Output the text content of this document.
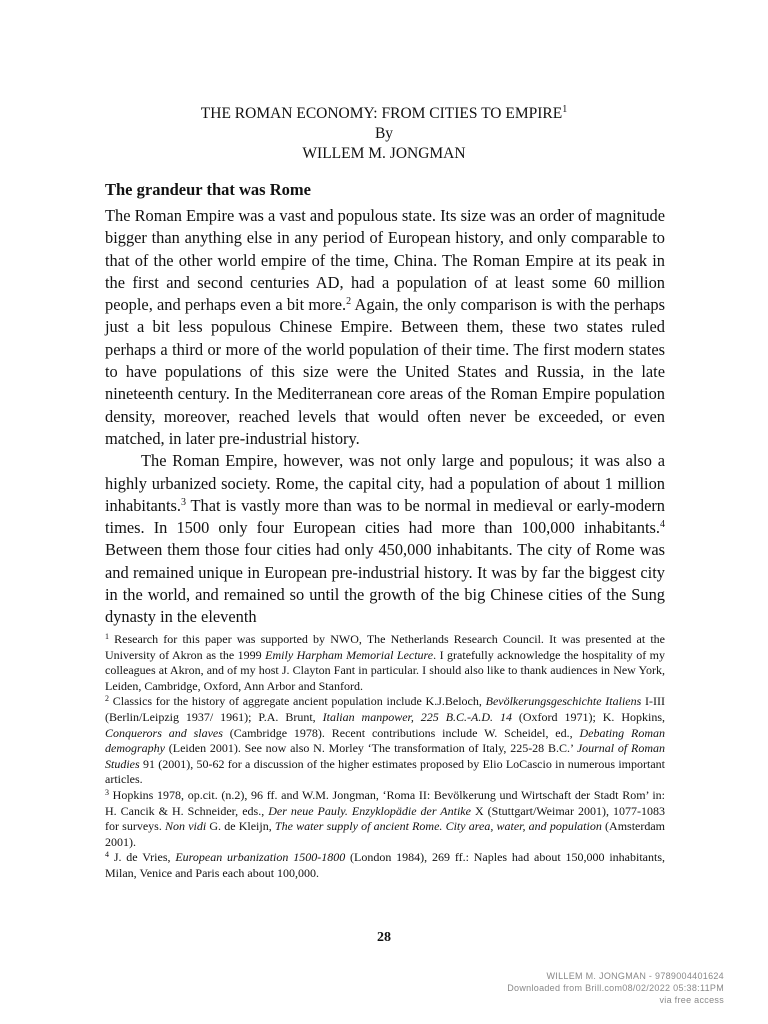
THE ROMAN ECONOMY: FROM CITIES TO EMPIRE$^1$
By
WILLEM M. JONGMAN
The grandeur that was Rome

The Roman Empire was a vast and populous state. Its size was an order of magnitude bigger than anything else in any period of European history, and only comparable to that of the other world empire of the time, China. The Roman Empire at its peak in the first and second centuries AD, had a population of at least some 60 million people, and perhaps even a bit more.$^2$ Again, the only comparison is with the perhaps just a bit less populous Chinese Empire. Between them, these two states ruled perhaps a third or more of the world population of their time. The first modern states to have populations of this size were the United States and Russia, in the late nineteenth century. In the Mediterranean core areas of the Roman Empire population density, moreover, reached levels that would often never be exceeded, or even matched, in later pre-industrial history.

The Roman Empire, however, was not only large and populous; it was also a highly urbanized society. Rome, the capital city, had a population of about 1 million inhabitants.$^3$ That is vastly more than was to be normal in medieval or early-modern times. In 1500 only four European cities had more than 100,000 inhabitants.$^4$ Between them those four cities had only 450,000 inhabitants. The city of Rome was and remained unique in European pre-industrial history. It was by far the biggest city in the world, and remained so until the growth of the big Chinese cities of the Sung dynasty in the eleventh

$^1$ Research for this paper was supported by NWO, The Netherlands Research Council. It was presented at the University of Akron as the 1999 Emily Harpham Memorial Lecture. I gratefully acknowledge the hospitality of my colleagues at Akron, and of my host J. Clayton Fant in particular. I should also like to thank audiences in New York, Leiden, Cambridge, Oxford, Ann Arbor and Stanford.

$^2$ Classics for the history of aggregate ancient population include K.J.Beloch, Bevölkerungsgeschichte Italiens I-III (Berlin/Leipzig 1937/ 1961); P.A. Brunt, Italian manpower, 225 B.C.-A.D. 14 (Oxford 1971); K. Hopkins, Conquerors and slaves (Cambridge 1978). Recent contributions include W. Scheidel, ed., Debating Roman demography (Leiden 2001). See now also N. Morley ‘The transformation of Italy, 225-28 B.C.’ Journal of Roman Studies 91 (2001), 50-62 for a discussion of the higher estimates proposed by Elio LoCascio in numerous important articles.

$^3$ Hopkins 1978, op.cit. (n.2), 96 ff. and W.M. Jongman, ‘Roma II: Bevölkerung und Wirtschaft der Stadt Rom’ in: H. Cancik & H. Schneider, eds., Der neue Pauly. Enzyklopädie der Antike X (Stuttgart/Weimar 2001), 1077-1083 for surveys. Non vidi G. de Kleijn, The water supply of ancient Rome. City area, water, and population (Amsterdam 2001).

$^4$ J. de Vries, European urbanization 1500-1800 (London 1984), 269 ff.: Naples had about 150,000 inhabitants, Milan, Venice and Paris each about 100,000.

28
WILLEM M. JONGMAN - 9789004401624
Downloaded from Brill.com08/02/2022 05:38:11PM
via free access
